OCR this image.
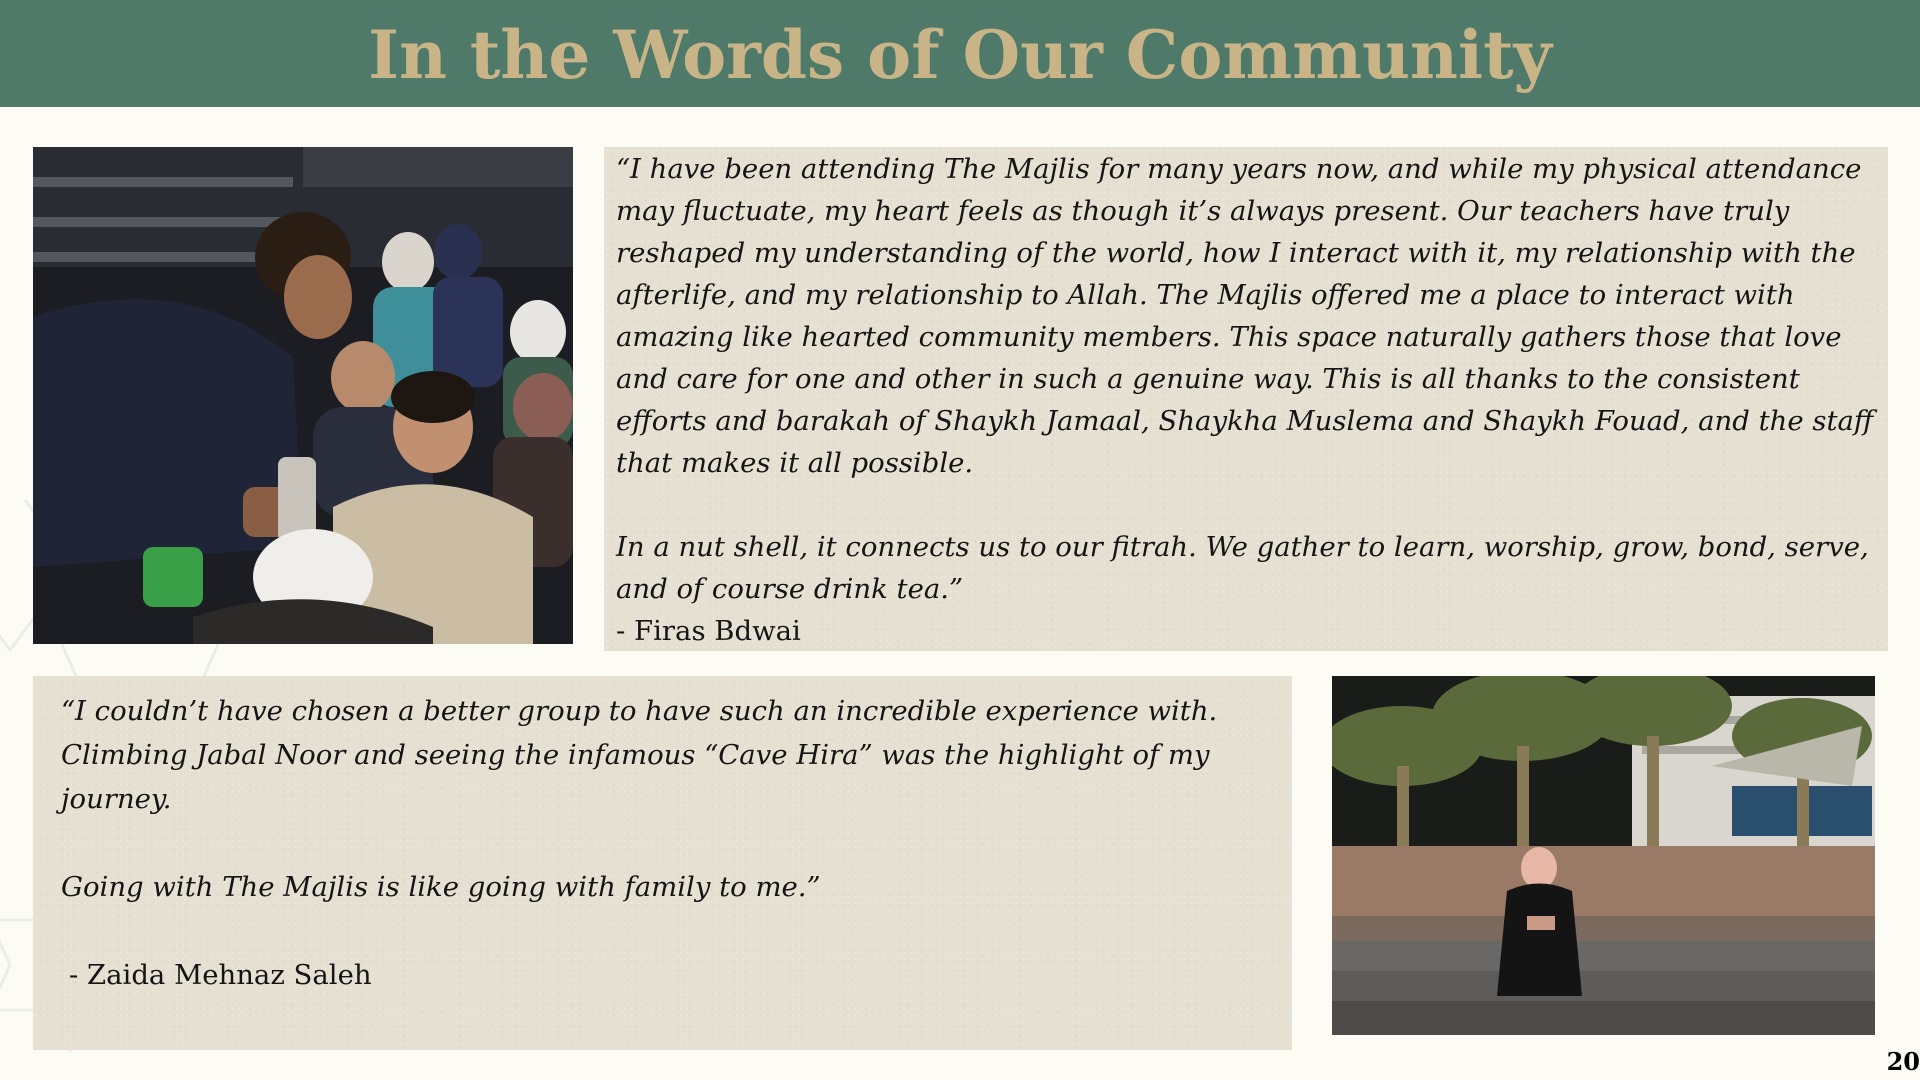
In the Words of Our Community

“I have been attending The Majlis for many years now, and while my physical attendance may fluctuate, my heart feels as though it’s always present. Our teachers have truly reshaped my understanding of the world, how I interact with it, my relationship with the afterlife, and my relationship to Allah. The Majlis offered me a place to interact with amazing like hearted community members. This space naturally gathers those that love and care for one and other in such a genuine way. This is all thanks to the consistent efforts and barakah of Shaykh Jamaal, Shaykha Muslema and Shaykh Fouad, and the staff that makes it all possible.

In a nut shell, it connects us to our fitrah. We gather to learn, worship, grow, bond, serve, and of course drink tea.”

- Firas Bdwai

“I couldn’t have chosen a better group to have such an incredible experience with. Climbing Jabal Noor and seeing the infamous “Cave Hira” was the highlight of my journey.

Going with The Majlis is like going with family to me.”

- Zaida Mehnaz Saleh

20
